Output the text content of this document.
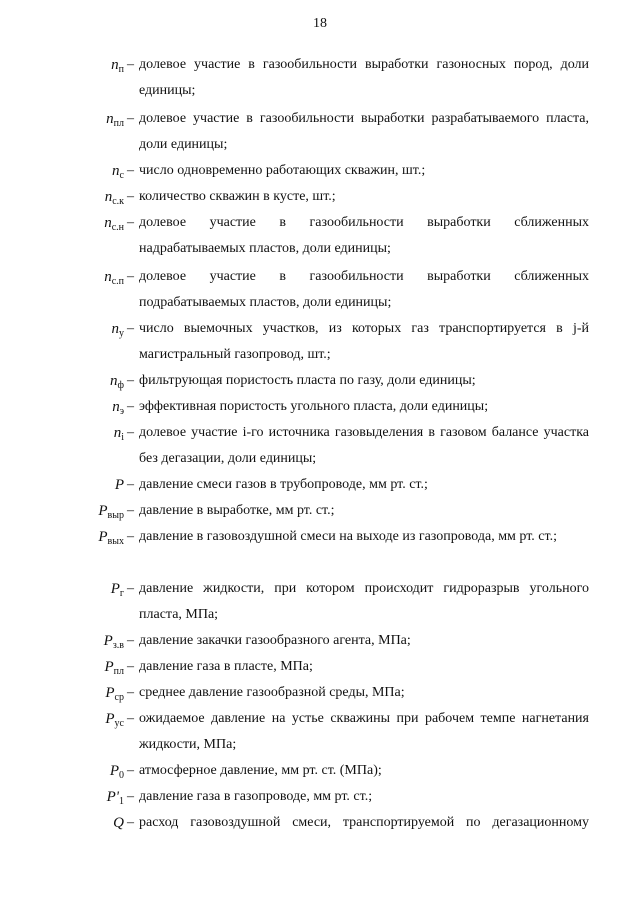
18
$n_п$ – долевое участие в газообильности выработки газоносных пород, доли единицы;
$n_{пл}$ – долевое участие в газообильности выработки разрабатываемого пласта, доли единицы;
$n_с$ – число одновременно работающих скважин, шт.;
$n_{с.к}$ – количество скважин в кусте, шт.;
$n_{с.н}$ – долевое участие в газообильности выработки сближенных надрабатываемых пластов, доли единицы;
$n_{с.п}$ – долевое участие в газообильности выработки сближенных подрабатываемых пластов, доли единицы;
$n_у$ – число выемочных участков, из которых газ транспортируется в j-й магистральный газопровод, шт.;
$n_ф$ – фильтрующая пористость пласта по газу, доли единицы;
$n_э$ – эффективная пористость угольного пласта, доли единицы;
$n_i$ – долевое участие i-го источника газовыделения в газовом балансе участка без дегазации, доли единицы;
P – давление смеси газов в трубопроводе, мм рт. ст.;
$P_{выр}$ – давление в выработке, мм рт. ст.;
$P_{вых}$ – давление в газовоздушной смеси на выходе из газопровода, мм рт. ст.;
$P_г$ – давление жидкости, при котором происходит гидроразрыв угольного пласта, МПа;
$P_{з.в}$ – давление закачки газообразного агента, МПа;
$P_{пл}$ – давление газа в пласте, МПа;
$P_{ср}$ – среднее давление газообразной среды, МПа;
$P_{ус}$ – ожидаемое давление на устье скважины при рабочем темпе нагнетания жидкости, МПа;
$P_0$ – атмосферное давление, мм рт. ст. (МПа);
$P'_1$ – давление газа в газопроводе, мм рт. ст.;
Q – расход газовоздушной смеси, транспортируемой по дегазационному
